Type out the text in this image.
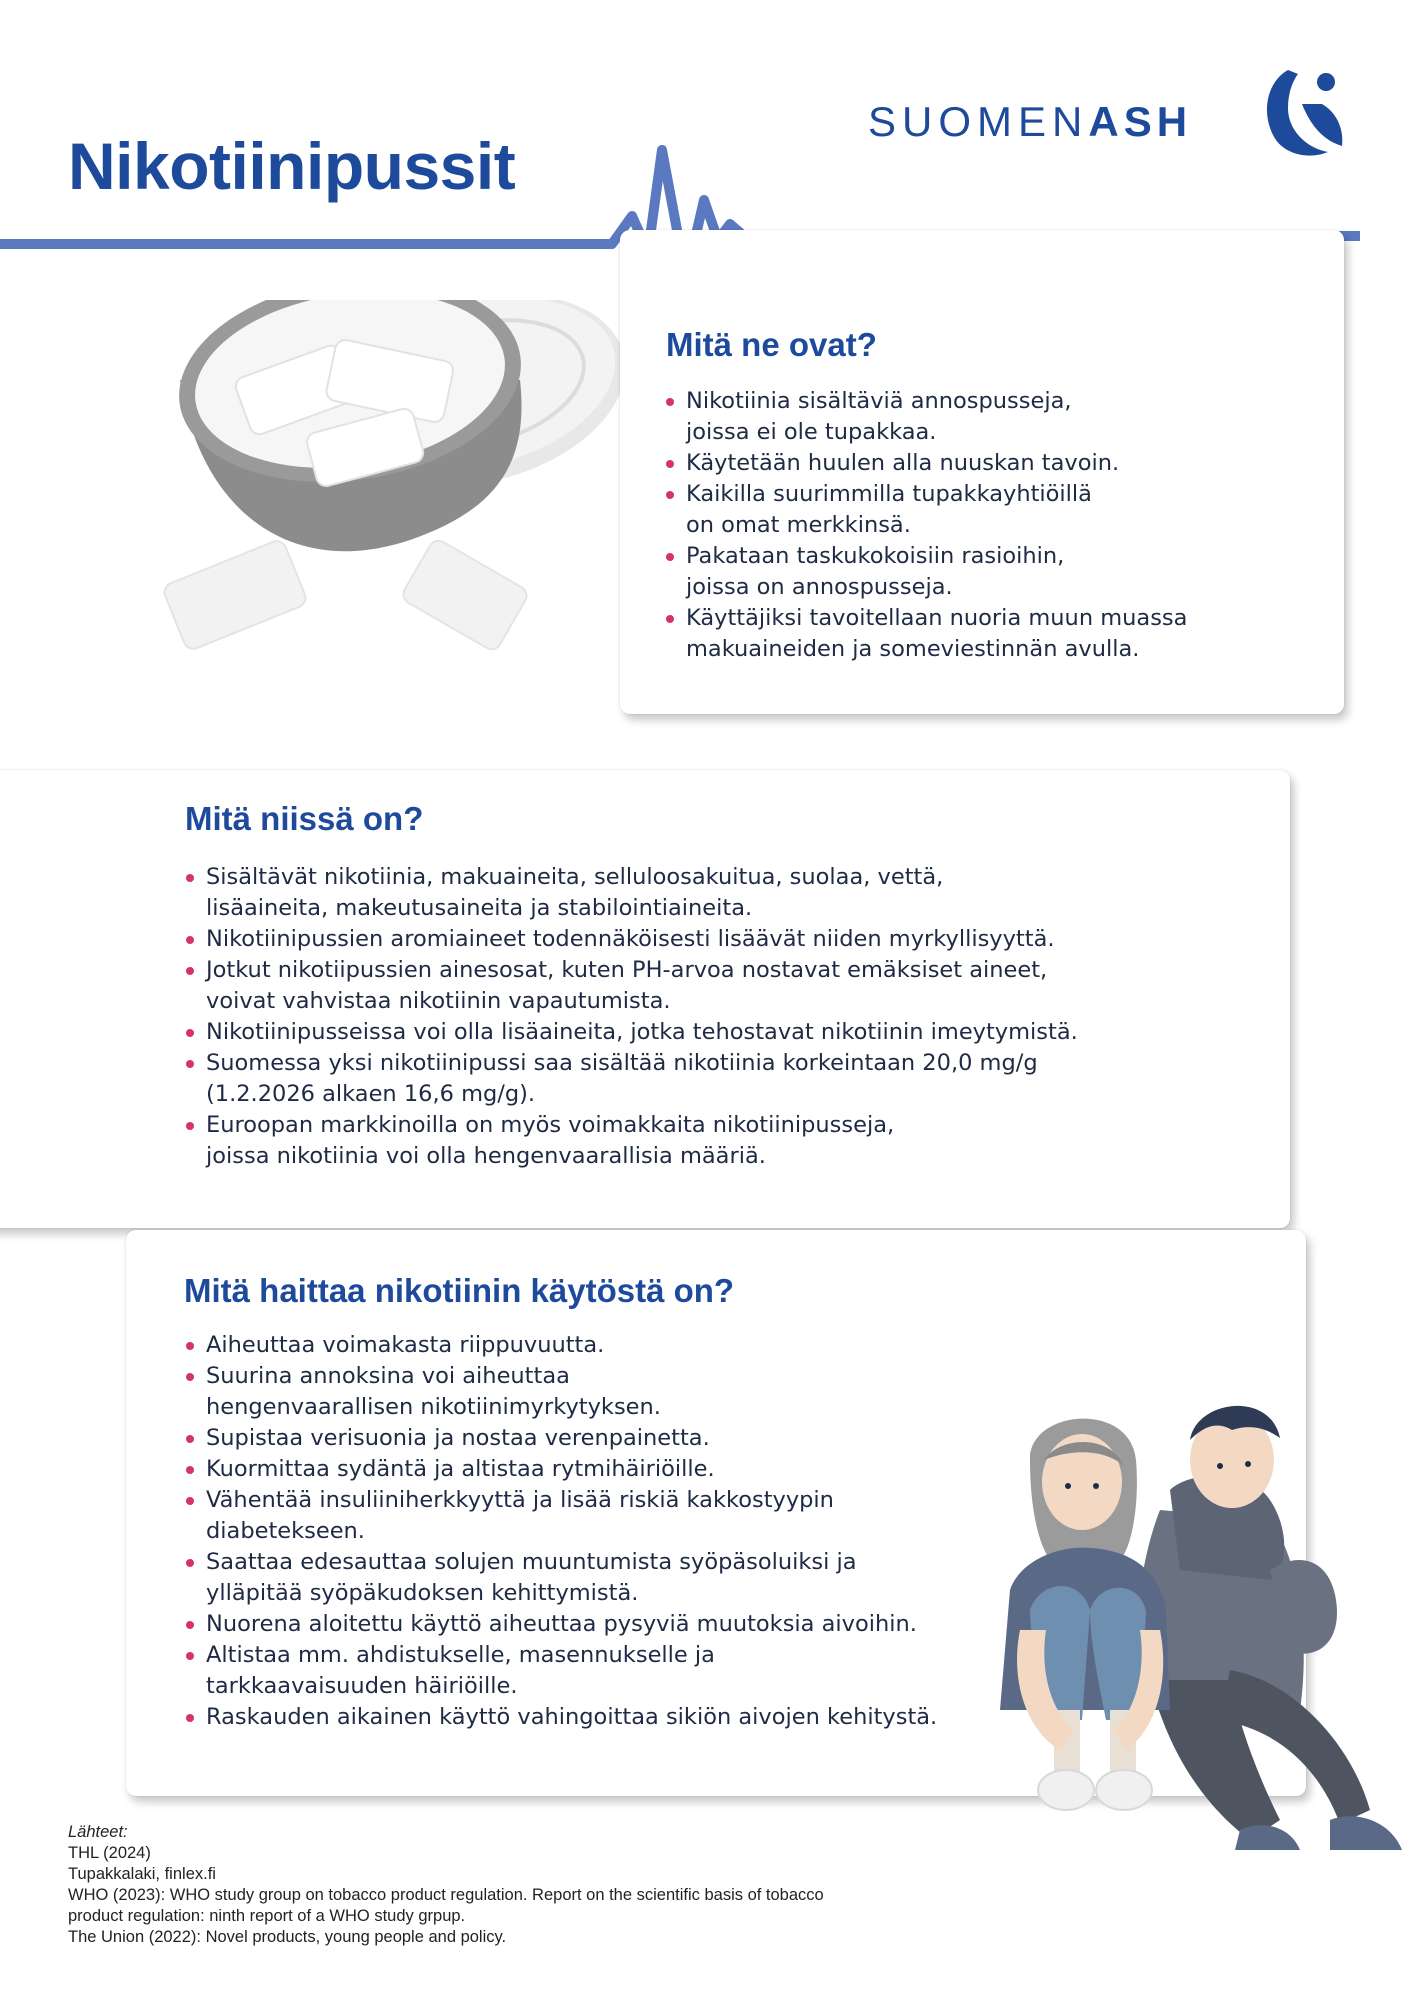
Nikotiinipussit
SUOMENASH
Mitä ne ovat?
Nikotiinia sisältäviä annospusseja,
joissa ei ole tupakkaa.
Käytetään huulen alla nuuskan tavoin.
Kaikilla suurimmilla tupakkayhtiöillä
on omat merkkinsä.
Pakataan taskukokoisiin rasioihin,
joissa on annospusseja.
Käyttäjiksi tavoitellaan nuoria muun muassa
makuaineiden ja someviestinnän avulla.
Mitä niissä on?
Sisältävät nikotiinia, makuaineita, selluloosakuitua, suolaa, vettä,
lisäaineita, makeutusaineita ja stabilointiaineita.
Nikotiinipussien aromiaineet todennäköisesti lisäävät niiden myrkyllisyyttä.
Jotkut nikotiipussien ainesosat, kuten PH-arvoa nostavat emäksiset aineet,
voivat vahvistaa nikotiinin vapautumista.
Nikotiinipusseissa voi olla lisäaineita, jotka tehostavat nikotiinin imeytymistä.
Suomessa yksi nikotiinipussi saa sisältää nikotiinia korkeintaan 20,0 mg/g
(1.2.2026 alkaen 16,6 mg/g).
Euroopan markkinoilla on myös voimakkaita nikotiinipusseja,
joissa nikotiinia voi olla hengenvaarallisia määriä.
Mitä haittaa nikotiinin käytöstä on?
Aiheuttaa voimakasta riippuvuutta.
Suurina annoksina voi aiheuttaa
hengenvaarallisen nikotiinimyrkytyksen.
Supistaa verisuonia ja nostaa verenpainetta.
Kuormittaa sydäntä ja altistaa rytmihäiriöille.
Vähentää insuliiniherkkyyttä ja lisää riskiä kakkostyypin
diabetekseen.
Saattaa edesauttaa solujen muuntumista syöpäsoluiksi ja
ylläpitää syöpäkudoksen kehittymistä.
Nuorena aloitettu käyttö aiheuttaa pysyviä muutoksia aivoihin.
Altistaa mm. ahdistukselle, masennukselle ja
tarkkaavaisuuden häiriöille.
Raskauden aikainen käyttö vahingoittaa sikiön aivojen kehitystä.
Lähteet:
THL (2024)
Tupakkalaki, finlex.fi
WHO (2023): WHO study group on tobacco product regulation. Report on the scientific basis of tobacco
product regulation: ninth report of a WHO study grpup.
The Union (2022): Novel products, young people and policy.
